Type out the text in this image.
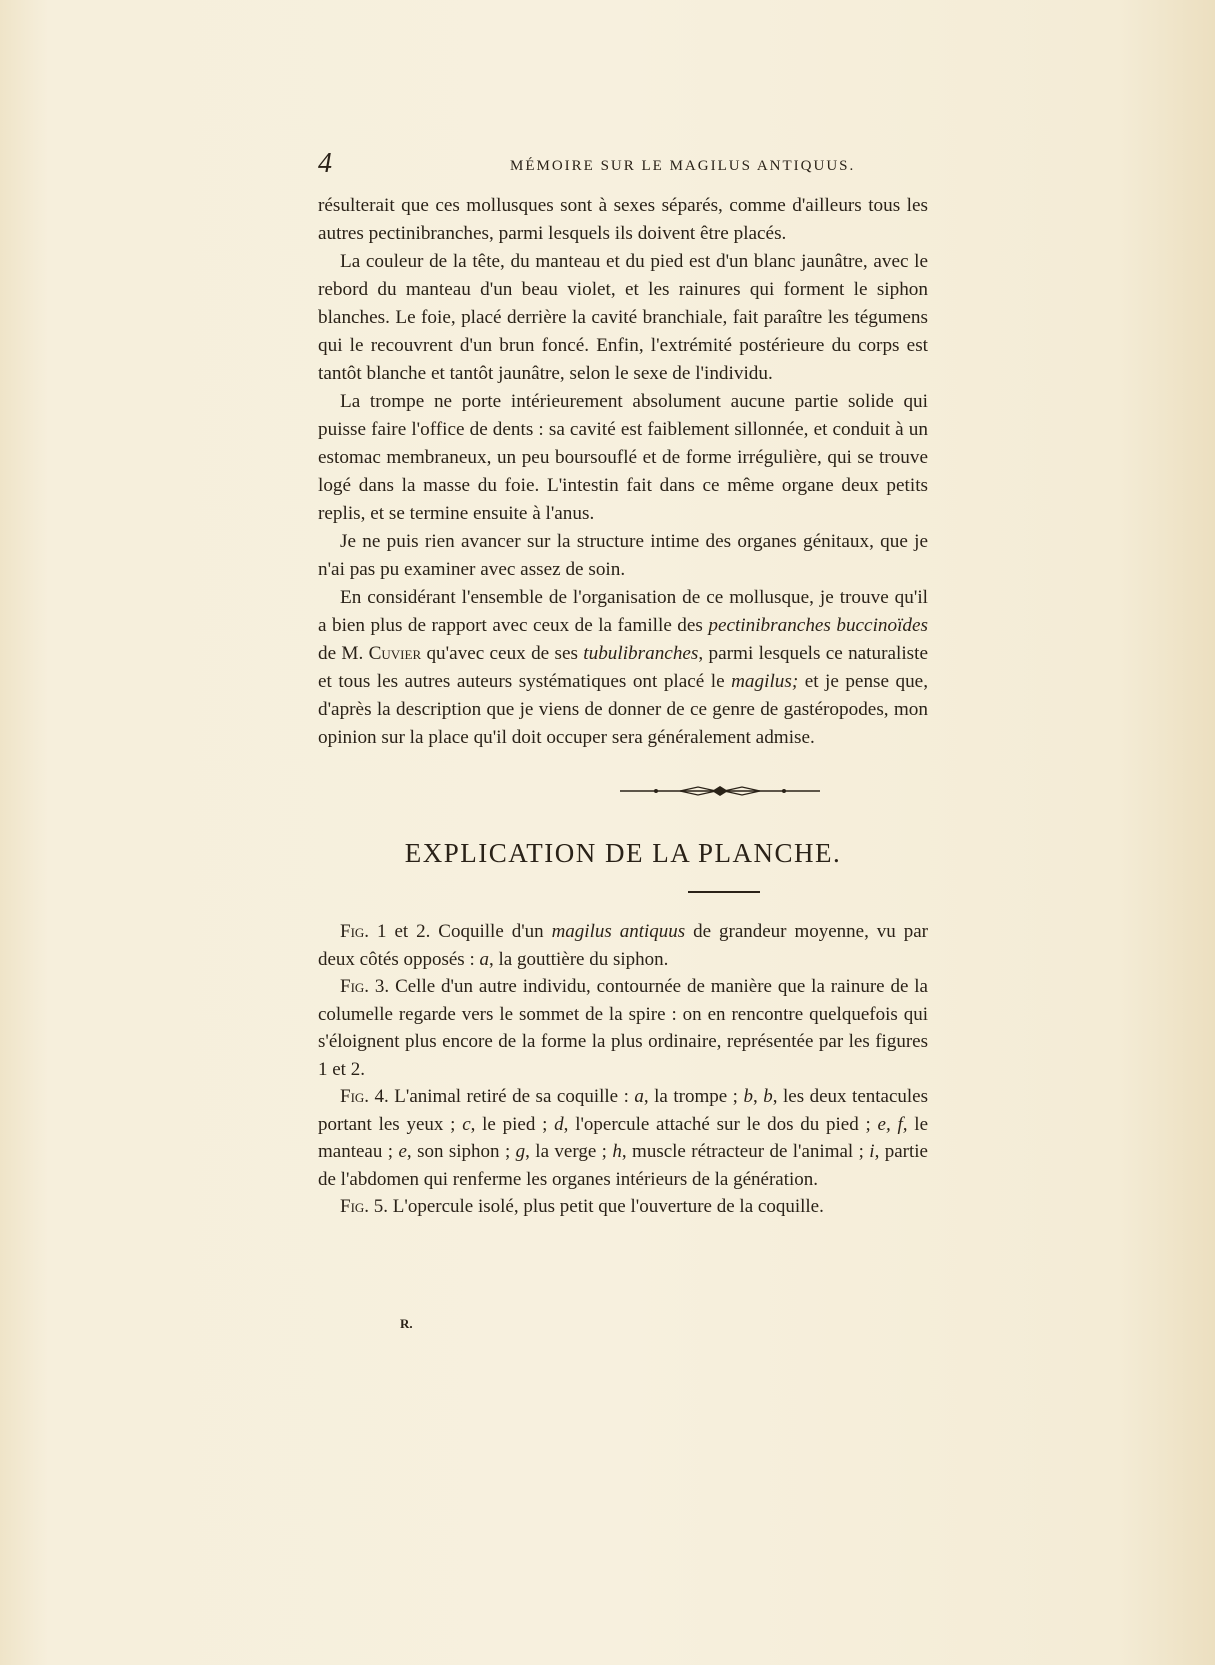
4	MÉMOIRE SUR LE MAGILUS ANTIQUUS.

résulterait que ces mollusques sont à sexes séparés, comme d'ailleurs tous les autres pectinibranches, parmi lesquels ils doivent être placés.

La couleur de la tête, du manteau et du pied est d'un blanc jaunâtre, avec le rebord du manteau d'un beau violet, et les rainures qui forment le siphon blanches. Le foie, placé derrière la cavité branchiale, fait paraître les tégumens qui le recouvrent d'un brun foncé. Enfin, l'extrémité postérieure du corps est tantôt blanche et tantôt jaunâtre, selon le sexe de l'individu.

La trompe ne porte intérieurement absolument aucune partie solide qui puisse faire l'office de dents : sa cavité est faiblement sillonnée, et conduit à un estomac membraneux, un peu boursouflé et de forme irrégulière, qui se trouve logé dans la masse du foie. L'intestin fait dans ce même organe deux petits replis, et se termine ensuite à l'anus.

Je ne puis rien avancer sur la structure intime des organes génitaux, que je n'ai pas pu examiner avec assez de soin.

En considérant l'ensemble de l'organisation de ce mollusque, je trouve qu'il a bien plus de rapport avec ceux de la famille des pectinibranches buccinoïdes de M. Cuvier qu'avec ceux de ses tubulibranches, parmi lesquels ce naturaliste et tous les autres auteurs systématiques ont placé le magilus; et je pense que, d'après la description que je viens de donner de ce genre de gastéropodes, mon opinion sur la place qu'il doit occuper sera généralement admise.

EXPLICATION DE LA PLANCHE.

Fig. 1 et 2. Coquille d'un magilus antiquus de grandeur moyenne, vu par deux côtés opposés : a, la gouttière du siphon.

Fig. 3. Celle d'un autre individu, contournée de manière que la rainure de la columelle regarde vers le sommet de la spire : on en rencontre quelquefois qui s'éloignent plus encore de la forme la plus ordinaire, représentée par les figures 1 et 2.

Fig. 4. L'animal retiré de sa coquille : a, la trompe ; b, b, les deux tentacules portant les yeux ; c, le pied ; d, l'opercule attaché sur le dos du pied ; e, f, le manteau ; e, son siphon ; g, la verge ; h, muscle rétracteur de l'animal ; i, partie de l'abdomen qui renferme les organes intérieurs de la génération.

Fig. 5. L'opercule isolé, plus petit que l'ouverture de la coquille.

R.
